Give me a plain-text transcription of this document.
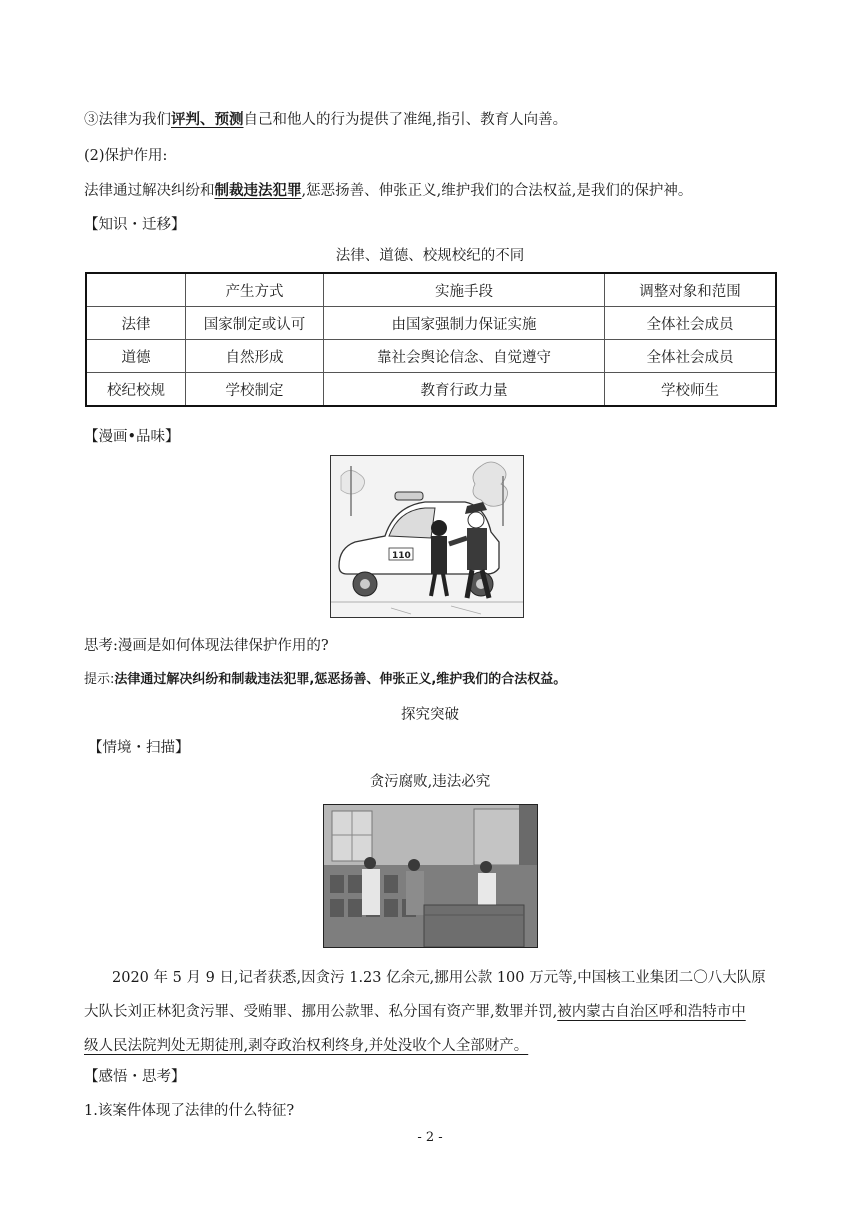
③法律为我们评判、预测自己和他人的行为提供了准绳,指引、教育人向善。
(2)保护作用:
法律通过解决纠纷和制裁违法犯罪,惩恶扬善、伸张正义,维护我们的合法权益,是我们的保护神。
【知识・迁移】
法律、道德、校规校纪的不同
	产生方式	实施手段	调整对象和范围
法律	国家制定或认可	由国家强制力保证实施	全体社会成员
道德	自然形成	靠社会舆论信念、自觉遵守	全体社会成员
校纪校规	学校制定	教育行政力量	学校师生
【漫画•品味】
110
思考:漫画是如何体现法律保护作用的?
提示:法律通过解决纠纷和制裁违法犯罪,惩恶扬善、伸张正义,维护我们的合法权益。
探究突破
【情境・扫描】
贪污腐败,违法必究
2020 年 5 月 9 日,记者获悉,因贪污 1.23 亿余元,挪用公款 100 万元等,中国核工业集团二〇八大队原
大队长刘正林犯贪污罪、受贿罪、挪用公款罪、私分国有资产罪,数罪并罚,被内蒙古自治区呼和浩特市中
级人民法院判处无期徒刑,剥夺政治权利终身,并处没收个人全部财产。
【感悟・思考】
1.该案件体现了法律的什么特征?
- 2 -
